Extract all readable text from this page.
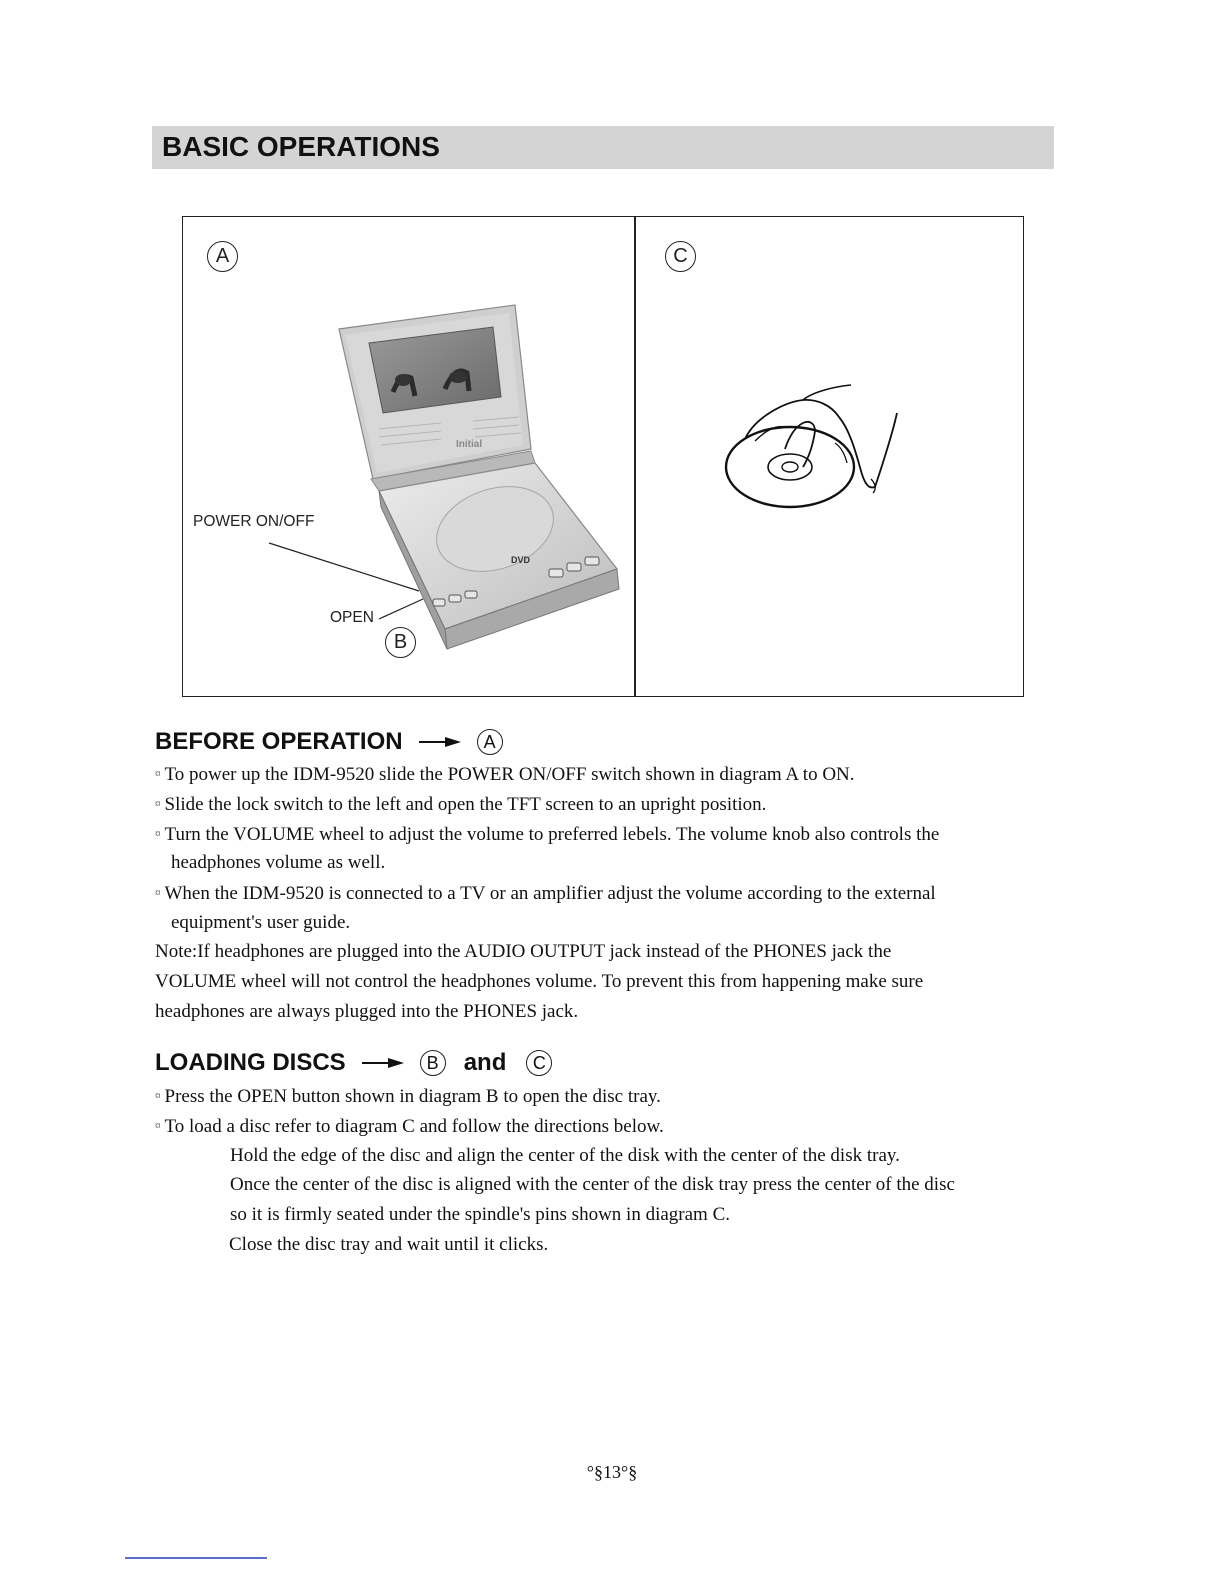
BASIC OPERATIONS
A	C
B
POWER ON/OFF
OPEN
Initial
DVD
BEFORE OPERATION	A
¤ To power up the IDM-9520 slide the POWER ON/OFF switch shown in diagram A to ON.
¤ Slide the lock switch to the left and open the TFT screen to an upright position.
¤ Turn the VOLUME wheel to adjust the volume to preferred lebels. The volume knob also controls the
headphones volume as well.
¤ When the IDM-9520 is connected to a TV or an amplifier adjust the volume according to the external
equipment's user guide.
Note:If headphones are plugged into the AUDIO OUTPUT jack instead of the PHONES jack the
VOLUME wheel will not control the headphones volume. To prevent this from happening make sure
headphones are always plugged into the PHONES jack.
LOADING DISCS	B and	C
¤ Press the OPEN button shown in diagram B to open the disc tray.
¤ To load a disc refer to diagram C and follow the directions below.
Hold the edge of the disc and align the center of the disk with the center of the disk tray.
Once the center of the disc is aligned with the center of the disk tray press the center of the disc
so it is firmly seated under the spindle's pins shown in diagram C.
Close the disc tray and wait until it clicks.
°§13°§
